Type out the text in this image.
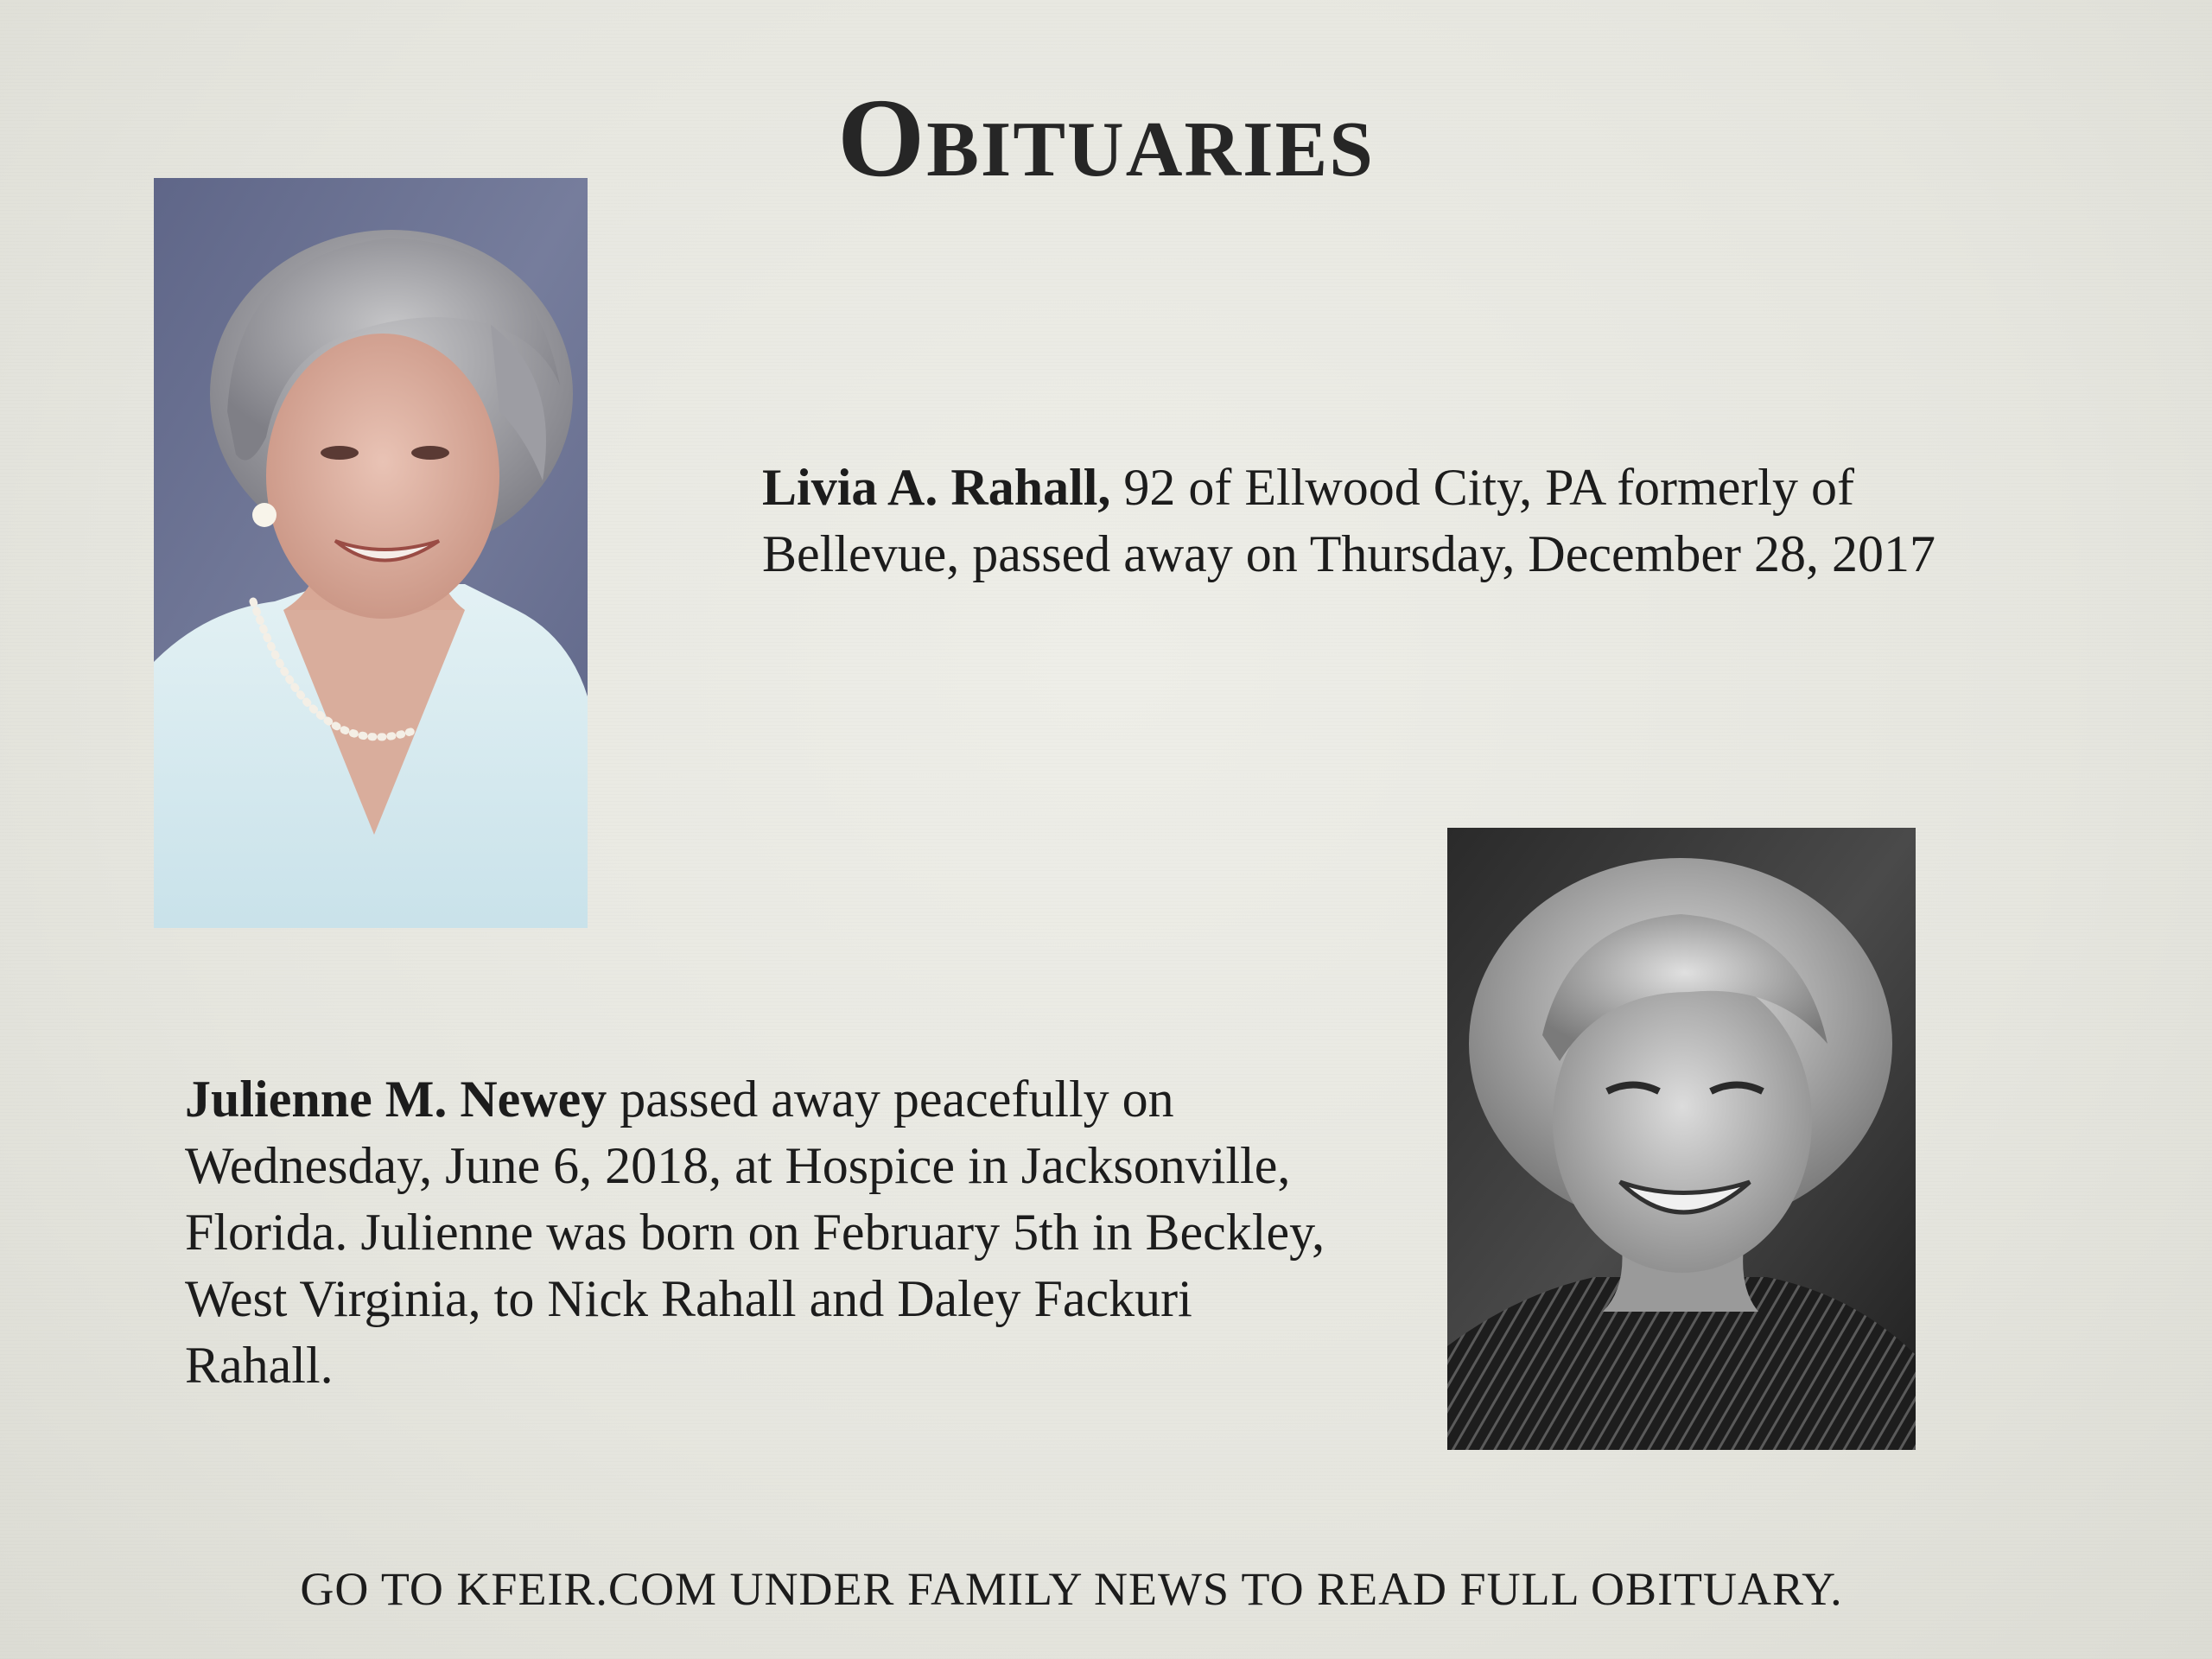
Obituaries

Livia A. Rahall, 92 of Ellwood City, PA formerly of Bellevue, passed away on Thursday, December 28, 2017

Julienne M. Newey passed away peacefully on Wednesday, June 6, 2018, at Hospice in Jacksonville, Florida. Julienne was born on February 5th in Beckley, West Virginia, to Nick Rahall and Daley Fackuri Rahall.

GO TO KFEIR.COM UNDER FAMILY NEWS TO READ FULL OBITUARY.
